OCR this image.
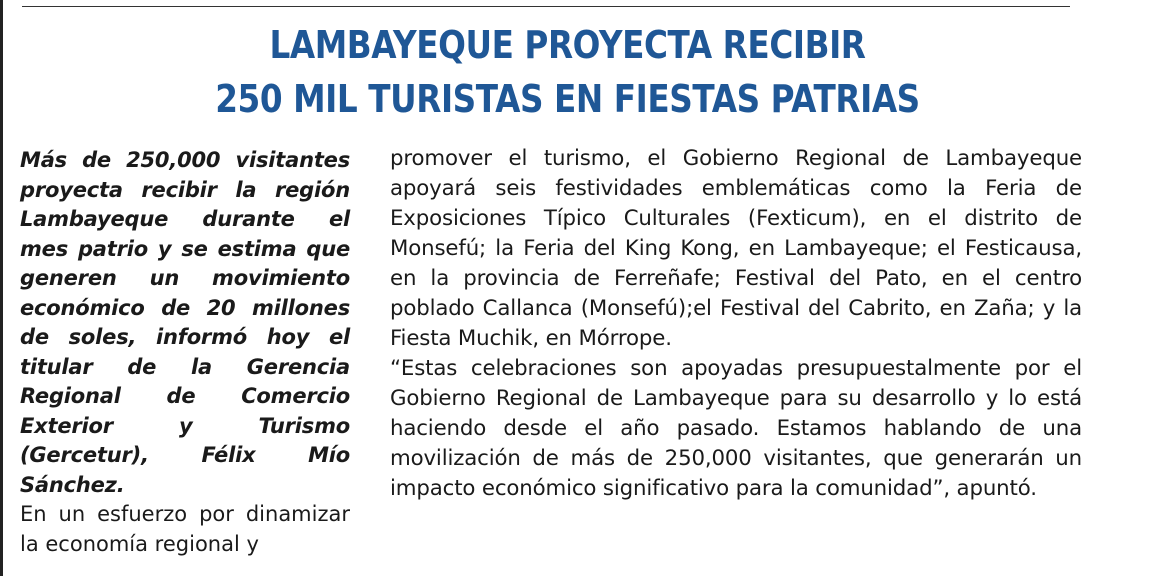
LAMBAYEQUE PROYECTA RECIBIR
250 MIL TURISTAS EN FIESTAS PATRIAS

Más de 250,000 visitantes proyecta recibir la región Lambayeque durante el mes patrio y se estima que generen un movimiento económico de 20 millones de soles, informó hoy el titular de la Gerencia Regional de Comercio Exterior y Turismo (Gercetur), Félix Mío Sánchez.

En un esfuerzo por dinamizar la economía regional y

promover el turismo, el Gobierno Regional de Lambayeque apoyará seis festividades emblemáticas como la Feria de Exposiciones Típico Culturales (Fexticum), en el distrito de Monsefú; la Feria del King Kong, en Lambayeque; el Festicausa, en la provincia de Ferreñafe; Festival del Pato, en el centro poblado Callanca (Monsefú);el Festival del Cabrito, en Zaña; y la Fiesta Muchik, en Mórrope.

“Estas celebraciones son apoyadas presupuestalmente por el Gobierno Regional de Lambayeque para su desarrollo y lo está haciendo desde el año pasado. Estamos hablando de una movilización de más de 250,000 visitantes, que generarán un impacto económico significativo para la comunidad”, apuntó.
